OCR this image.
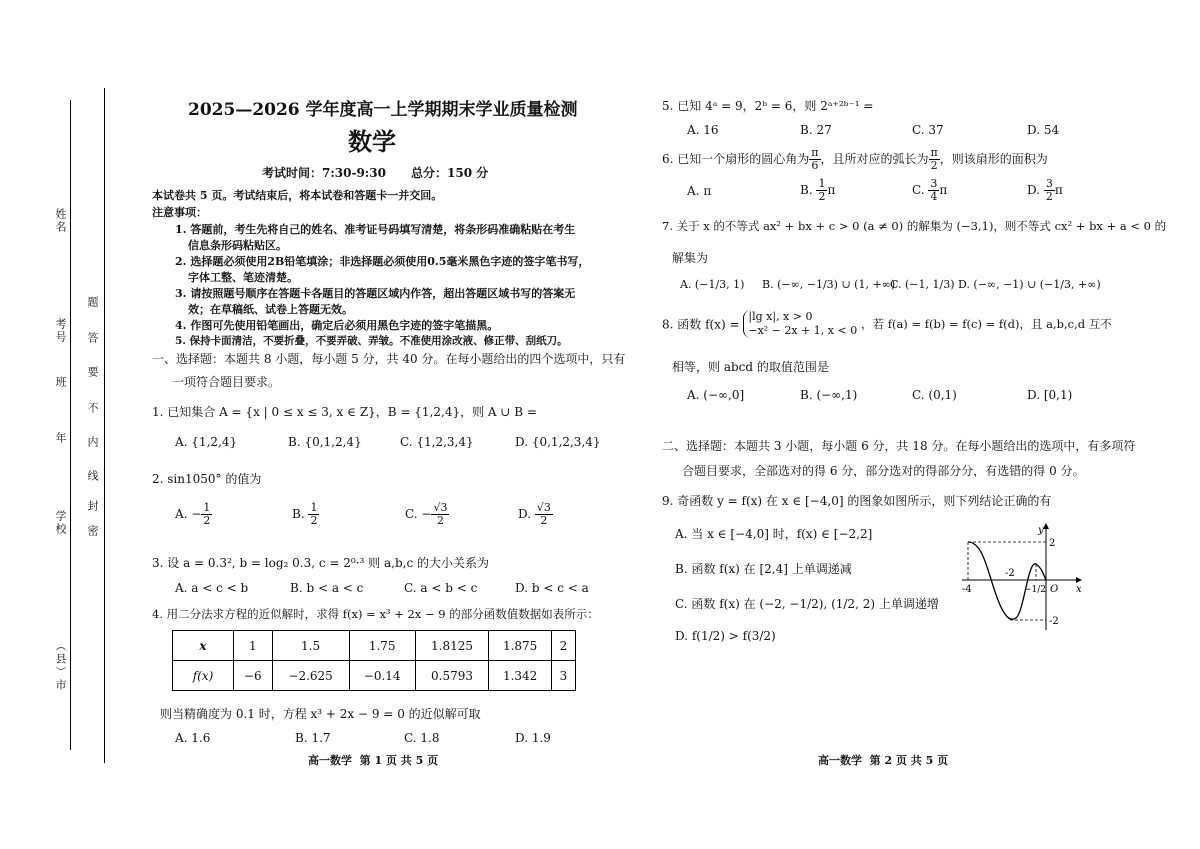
姓名
考号
班
年
学校
（县）市
密
封
线
内
不
要
答
题
2025—2026 学年度高一上学期期末学业质量检测
数学
考试时间：7:30-9:30      总分：150 分
本试卷共 5 页。考试结束后，将本试卷和答题卡一并交回。
注意事项：
1. 答题前，考生先将自己的姓名、准考证号码填写清楚，将条形码准确粘贴在考生
信息条形码粘贴区。
2. 选择题必须使用2B铅笔填涂；非选择题必须使用0.5毫米黑色字迹的签字笔书写，
字体工整、笔迹清楚。
3. 请按照题号顺序在答题卡各题目的答题区域内作答，超出答题区域书写的答案无
效；在草稿纸、试卷上答题无效。
4. 作图可先使用铅笔画出，确定后必须用黑色字迹的签字笔描黑。
5. 保持卡面清洁，不要折叠，不要弄破、弄皱。不准使用涂改液、修正带、刮纸刀。
一、选择题：本题共 8 小题，每小题 5 分，共 40 分。在每小题给出的四个选项中，只有
一项符合题目要求。
1. 已知集合 A = {x | 0 ≤ x ≤ 3, x ∈ Z}，B = {1,2,4}，则 A ∪ B =
A. {1,2,4}	B. {0,1,2,4}	C. {1,2,3,4}	D. {0,1,2,3,4}
2. sin1050° 的值为
A. − $\frac{1}{2}$	B. $\frac{1}{2}$	C. − $\frac{√3}{2}$	D. $\frac{√3}{2}$
3. 设 a = 0.3², b = log₂ 0.3, c = 2⁰·³ 则 a,b,c 的大小关系为
A. a < c < b	B. b < a < c	C. a < b < c	D. b < c < a
4. 用二分法求方程的近似解时，求得 f(x) = x³ + 2x − 9 的部分函数值数据如表所示：
x	1	1.5	1.75	1.8125	1.875	2
f(x)	−6	−2.625	−0.14	0.5793	1.342	3
则当精确度为 0.1 时，方程 x³ + 2x − 9 = 0 的近似解可取
A. 1.6	B. 1.7	C. 1.8	D. 1.9
高一数学  第 1 页 共 5 页
5. 已知 4ᵃ = 9，2ᵇ = 6，则 2ᵃ⁺²ᵇ⁻¹ =
A. 16	B. 27	C. 37	D. 54
6. 已知一个扇形的圆心角为 $\frac{\pi}{6}$ ，且所对应的弧长为 $\frac{\pi}{2}$ ，则该扇形的面积为
A. π	B. $\frac{1}{2}$ π	C. $\frac{3}{4}$ π	D. $\frac{3}{2}$ π
7. 关于 x 的不等式 ax² + bx + c > 0 (a ≠ 0) 的解集为 (−3,1)，则不等式 cx² + bx + a < 0 的
解集为
A. (−1/3, 1) B. (−∞, −1/3) ∪ (1, +∞)
C. (−1, 1/3) D. (−∞, −1) ∪ (−1/3, +∞)
8. 函数 f(x) =
|lg x|, x > 0
−x² − 2x + 1, x < 0 ，若 f(a) = f(b) = f(c) = f(d)，且 a,b,c,d 互不
相等，则 abcd 的取值范围是
A. (−∞,0]	B. (−∞,1)	C. (0,1)	D. [0,1)
二、选择题：本题共 3 小题，每小题 6 分，共 18 分。在每小题给出的选项中，有多项符
合题目要求，全部选对的得 6 分，部分选对的得部分分，有选错的得 0 分。
9. 奇函数 y = f(x) 在 x ∈ [−4,0] 的图象如图所示，则下列结论正确的有
A. 当 x ∈ [−4,0] 时，f(x) ∈ [−2,2]
B. 函数 f(x) 在 [2,4] 上单调递减
C. 函数 f(x) 在 (−2, −1/2), (1/2, 2) 上单调递增
D. f(1/2) > f(3/2)
y
x
O
2
-2
-4
-2
−1/2
高一数学  第 2 页 共 5 页
